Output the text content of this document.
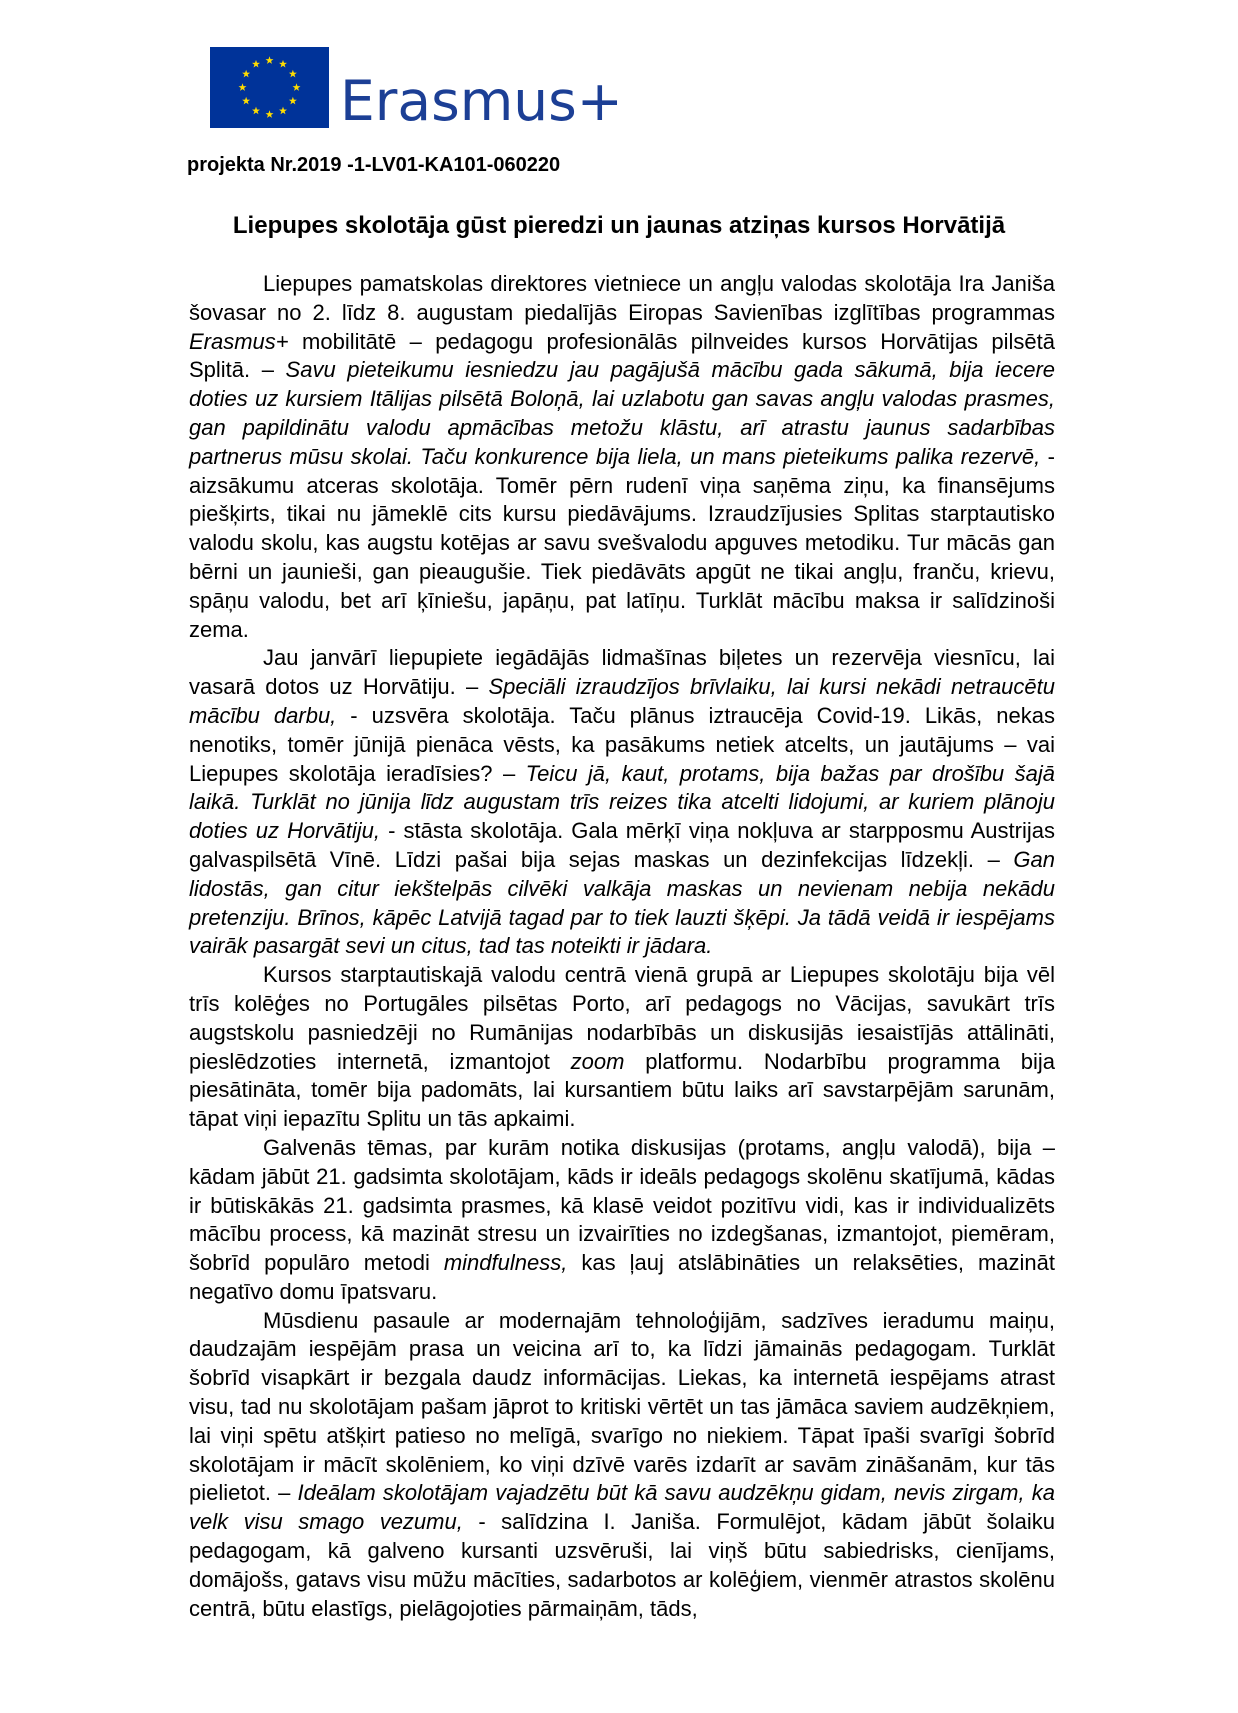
Erasmus+
projekta Nr.2019 -1-LV01-KA101-060220
Liepupes skolotāja gūst pieredzi un jaunas atziņas kursos Horvātijā

Liepupes pamatskolas direktores vietniece un angļu valodas skolotāja Ira Janiša šovasar no 2. līdz 8. augustam piedalījās Eiropas Savienības izglītības programmas Erasmus+ mobilitātē – pedagogu profesionālās pilnveides kursos Horvātijas pilsētā Splitā. – Savu pieteikumu iesniedzu jau pagājušā mācību gada sākumā, bija iecere doties uz kursiem Itālijas pilsētā Boloņā, lai uzlabotu gan savas angļu valodas prasmes, gan papildinātu valodu apmācības metožu klāstu, arī atrastu jaunus sadarbības partnerus mūsu skolai. Taču konkurence bija liela, un mans pieteikums palika rezervē, - aizsākumu atceras skolotāja. Tomēr pērn rudenī viņa saņēma ziņu, ka finansējums piešķirts, tikai nu jāmeklē cits kursu piedāvājums. Izraudzījusies Splitas starptautisko valodu skolu, kas augstu kotējas ar savu svešvalodu apguves metodiku. Tur mācās gan bērni un jaunieši, gan pieaugušie. Tiek piedāvāts apgūt ne tikai angļu, franču, krievu, spāņu valodu, bet arī ķīniešu, japāņu, pat latīņu. Turklāt mācību maksa ir salīdzinoši zema.

Jau janvārī liepupiete iegādājās lidmašīnas biļetes un rezervēja viesnīcu, lai vasarā dotos uz Horvātiju. – Speciāli izraudzījos brīvlaiku, lai kursi nekādi netraucētu mācību darbu, - uzsvēra skolotāja. Taču plānus iztraucēja Covid-19. Likās, nekas nenotiks, tomēr jūnijā pienāca vēsts, ka pasākums netiek atcelts, un jautājums – vai Liepupes skolotāja ieradīsies? – Teicu jā, kaut, protams, bija bažas par drošību šajā laikā. Turklāt no jūnija līdz augustam trīs reizes tika atcelti lidojumi, ar kuriem plānoju doties uz Horvātiju, - stāsta skolotāja. Gala mērķī viņa nokļuva ar starpposmu Austrijas galvaspilsētā Vīnē. Līdzi pašai bija sejas maskas un dezinfekcijas līdzekļi. – Gan lidostās, gan citur iekštelpās cilvēki valkāja maskas un nevienam nebija nekādu pretenziju. Brīnos, kāpēc Latvijā tagad par to tiek lauzti šķēpi. Ja tādā veidā ir iespējams vairāk pasargāt sevi un citus, tad tas noteikti ir jādara.

Kursos starptautiskajā valodu centrā vienā grupā ar Liepupes skolotāju bija vēl trīs kolēģes no Portugāles pilsētas Porto, arī pedagogs no Vācijas, savukārt trīs augstskolu pasniedzēji no Rumānijas nodarbībās un diskusijās iesaistījās attālināti, pieslēdzoties internetā, izmantojot zoom platformu. Nodarbību programma bija piesātināta, tomēr bija padomāts, lai kursantiem būtu laiks arī savstarpējām sarunām, tāpat viņi iepazītu Splitu un tās apkaimi.

Galvenās tēmas, par kurām notika diskusijas (protams, angļu valodā), bija – kādam jābūt 21. gadsimta skolotājam, kāds ir ideāls pedagogs skolēnu skatījumā, kādas ir būtiskākās 21. gadsimta prasmes, kā klasē veidot pozitīvu vidi, kas ir individualizēts mācību process, kā mazināt stresu un izvairīties no izdegšanas, izmantojot, piemēram, šobrīd populāro metodi mindfulness, kas ļauj atslābināties un relaksēties, mazināt negatīvo domu īpatsvaru.

Mūsdienu pasaule ar modernajām tehnoloģijām, sadzīves ieradumu maiņu, daudzajām iespējām prasa un veicina arī to, ka līdzi jāmainās pedagogam. Turklāt šobrīd visapkārt ir bezgala daudz informācijas. Liekas, ka internetā iespējams atrast visu, tad nu skolotājam pašam jāprot to kritiski vērtēt un tas jāmāca saviem audzēkņiem, lai viņi spētu atšķirt patieso no melīgā, svarīgo no niekiem. Tāpat īpaši svarīgi šobrīd skolotājam ir mācīt skolēniem, ko viņi dzīvē varēs izdarīt ar savām zināšanām, kur tās pielietot. – Ideālam skolotājam vajadzētu būt kā savu audzēkņu gidam, nevis zirgam, ka velk visu smago vezumu, - salīdzina I. Janiša. Formulējot, kādam jābūt šolaiku pedagogam, kā galveno kursanti uzsvēruši, lai viņš būtu sabiedrisks, cienījams, domājošs, gatavs visu mūžu mācīties, sadarbotos ar kolēģiem, vienmēr atrastos skolēnu centrā, būtu elastīgs, pielāgojoties pārmaiņām, tāds,
